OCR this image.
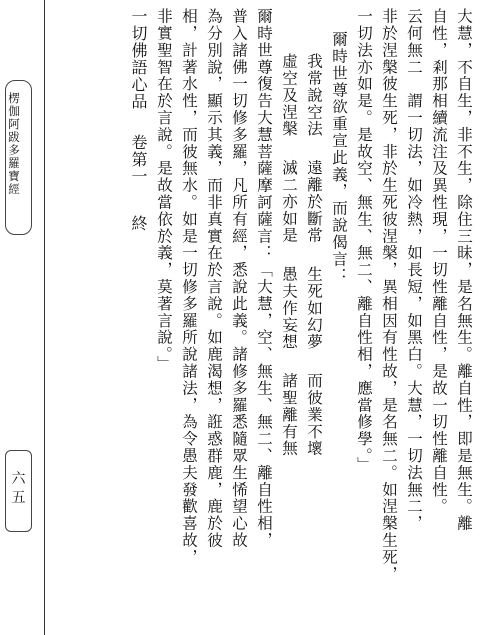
楞伽阿跋多羅寶經
六五	大慧，不自生，非不生，除住三昧，是名無生。離自性，即是無生。離
自性，剎那相續流注及異性現，一切性離自性，是故一切性離自性。
云何無二　謂一切法，如冷熱，如長短，如黑白。大慧，一切法無二，
非於涅槃彼生死，非於生死彼涅槃，異相因有性故，是名無二。如涅槃生死，
一切法亦如是。是故空、無生、無二、離自性相，應當修學。」
爾時世尊欲重宣此義，而說偈言：
我常說空法遠離於斷常生死如幻夢而彼業不壞
虛空及涅槃滅二亦如是愚夫作妄想諸聖離有無
爾時世尊復告大慧菩薩摩訶薩言：「大慧，空、無生、無二、離自性相，
普入諸佛一切修多羅，凡所有經，悉說此義。諸修多羅悉隨眾生悕望心故
為分別說，顯示其義，而非真實在於言說。如鹿渴想，誑惑群鹿，鹿於彼
相，計著水性，而彼無水。如是一切修多羅所說諸法，為令愚夫發歡喜故，
非實聖智在於言說。是故當依於義，莫著言說。」
一切佛語心品卷第一終
